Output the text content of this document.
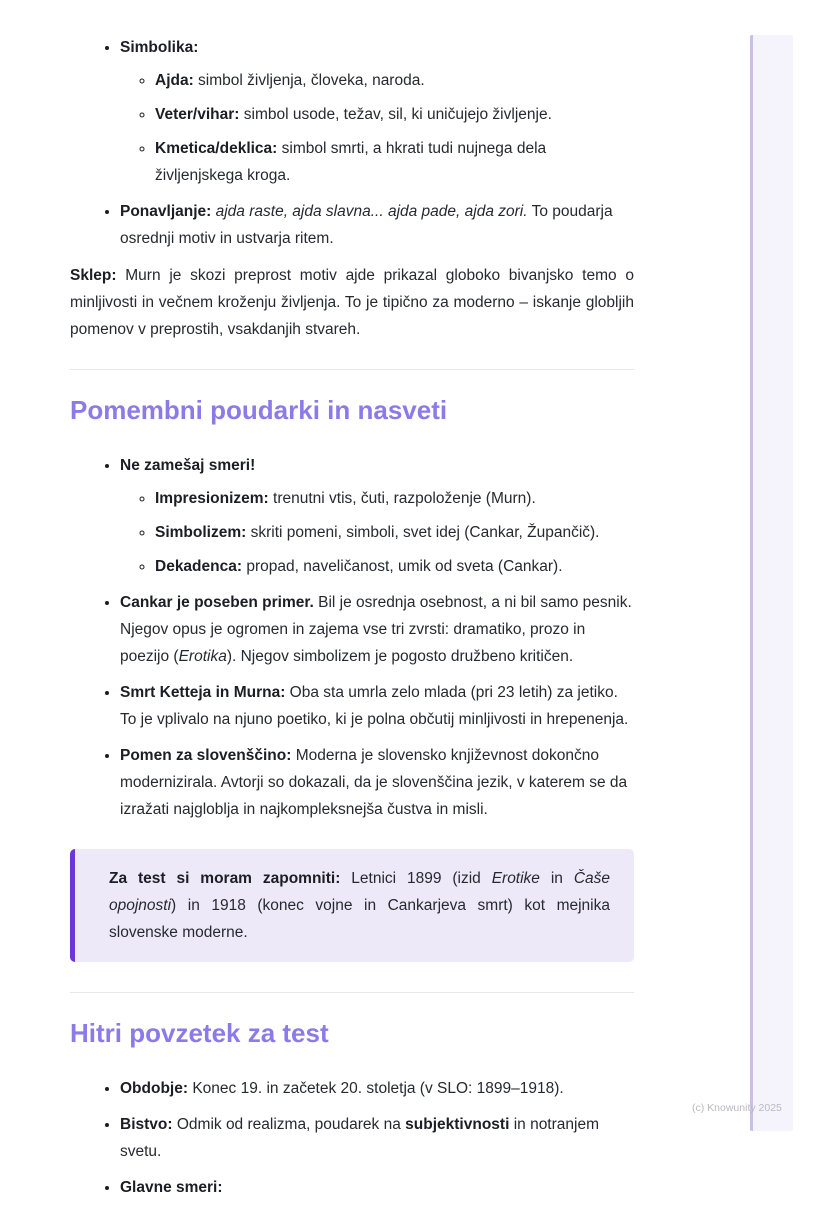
• Simbolika:
◦ Ajda: simbol življenja, človeka, naroda.
◦ Veter/vihar: simbol usode, težav, sil, ki uničujejo življenje.
◦ Kmetica/deklica: simbol smrti, a hkrati tudi nujnega dela življenjskega kroga.
• Ponavljanje: ajda raste, ajda slavna... ajda pade, ajda zori. To poudarja osrednji motiv in ustvarja ritem.

Sklep: Murn je skozi preprost motiv ajde prikazal globoko bivanjsko temo o minljivosti in večnem kroženju življenja. To je tipično za moderno – iskanje globljih pomenov v preprostih, vsakdanjih stvareh.

Pomembni poudarki in nasveti
• Ne zamešaj smeri!
◦ Impresionizem: trenutni vtis, čuti, razpoloženje (Murn).
◦ Simbolizem: skriti pomeni, simboli, svet idej (Cankar, Župančič).
◦ Dekadenca: propad, naveličanost, umik od sveta (Cankar).
• Cankar je poseben primer. Bil je osrednja osebnost, a ni bil samo pesnik. Njegov opus je ogromen in zajema vse tri zvrsti: dramatiko, prozo in poezijo (Erotika). Njegov simbolizem je pogosto družbeno kritičen.
• Smrt Ketteja in Murna: Oba sta umrla zelo mlada (pri 23 letih) za jetiko. To je vplivalo na njuno poetiko, ki je polna občutij minljivosti in hrepenenja.
• Pomen za slovenščino: Moderna je slovensko književnost dokončno modernizirala. Avtorji so dokazali, da je slovenščina jezik, v katerem se da izražati najgloblja in najkompleksnejša čustva in misli.
Za test si moram zapomniti: Letnici 1899 (izid Erotike in Čaše opojnosti) in 1918 (konec vojne in Cankarjeva smrt) kot mejnika slovenske moderne.
Hitri povzetek za test
• Obdobje: Konec 19. in začetek 20. stoletja (v SLO: 1899–1918).
• Bistvo: Odmik od realizma, poudarek na subjektivnosti in notranjem svetu.
• Glavne smeri:
(c) Knowunity 2025
